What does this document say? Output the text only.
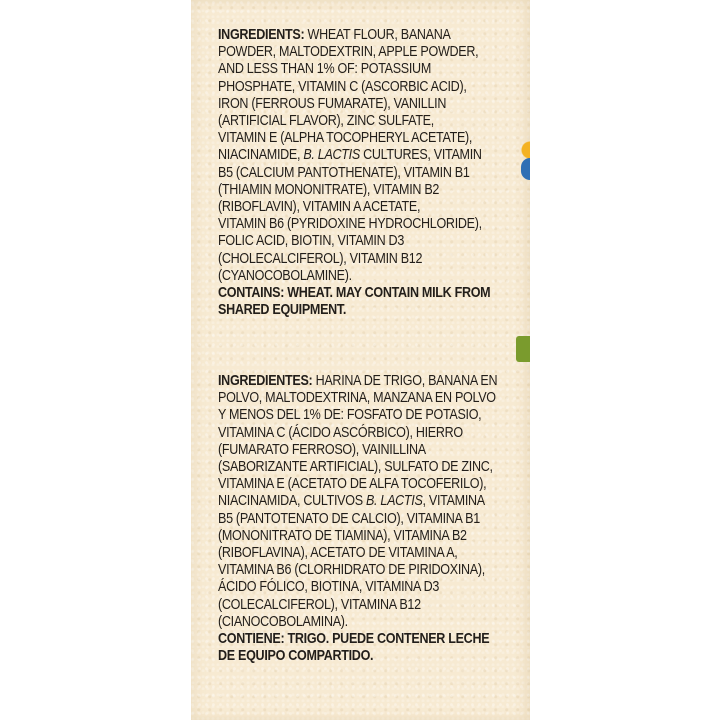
INGREDIENTS: WHEAT FLOUR, BANANA

POWDER, MALTODEXTRIN, APPLE POWDER,

AND LESS THAN 1% OF: POTASSIUM

PHOSPHATE, VITAMIN C (ASCORBIC ACID),

IRON (FERROUS FUMARATE), VANILLIN

(ARTIFICIAL FLAVOR), ZINC SULFATE,

VITAMIN E (ALPHA TOCOPHERYL ACETATE),

NIACINAMIDE, B. LACTIS CULTURES, VITAMIN

B5 (CALCIUM PANTOTHENATE), VITAMIN B1

(THIAMIN MONONITRATE), VITAMIN B2

(RIBOFLAVIN), VITAMIN A ACETATE,

VITAMIN B6 (PYRIDOXINE HYDROCHLORIDE),

FOLIC ACID, BIOTIN, VITAMIN D3

(CHOLECALCIFEROL), VITAMIN B12

(CYANOCOBOLAMINE).

CONTAINS: WHEAT. MAY CONTAIN MILK FROM

SHARED EQUIPMENT.

INGREDIENTES: HARINA DE TRIGO, BANANA EN

POLVO, MALTODEXTRINA, MANZANA EN POLVO

Y MENOS DEL 1% DE: FOSFATO DE POTASIO,

VITAMINA C (ÁCIDO ASCÓRBICO), HIERRO

(FUMARATO FERROSO), VAINILLINA

(SABORIZANTE ARTIFICIAL), SULFATO DE ZINC,

VITAMINA E (ACETATO DE ALFA TOCOFERILO),

NIACINAMIDA, CULTIVOS B. LACTIS, VITAMINA

B5 (PANTOTENATO DE CALCIO), VITAMINA B1

(MONONITRATO DE TIAMINA), VITAMINA B2

(RIBOFLAVINA), ACETATO DE VITAMINA A,

VITAMINA B6 (CLORHIDRATO DE PIRIDOXINA),

ÁCIDO FÓLICO, BIOTINA, VITAMINA D3

(COLECALCIFEROL), VITAMINA B12

(CIANOCOBOLAMINA).

CONTIENE: TRIGO. PUEDE CONTENER LECHE

DE EQUIPO COMPARTIDO.
